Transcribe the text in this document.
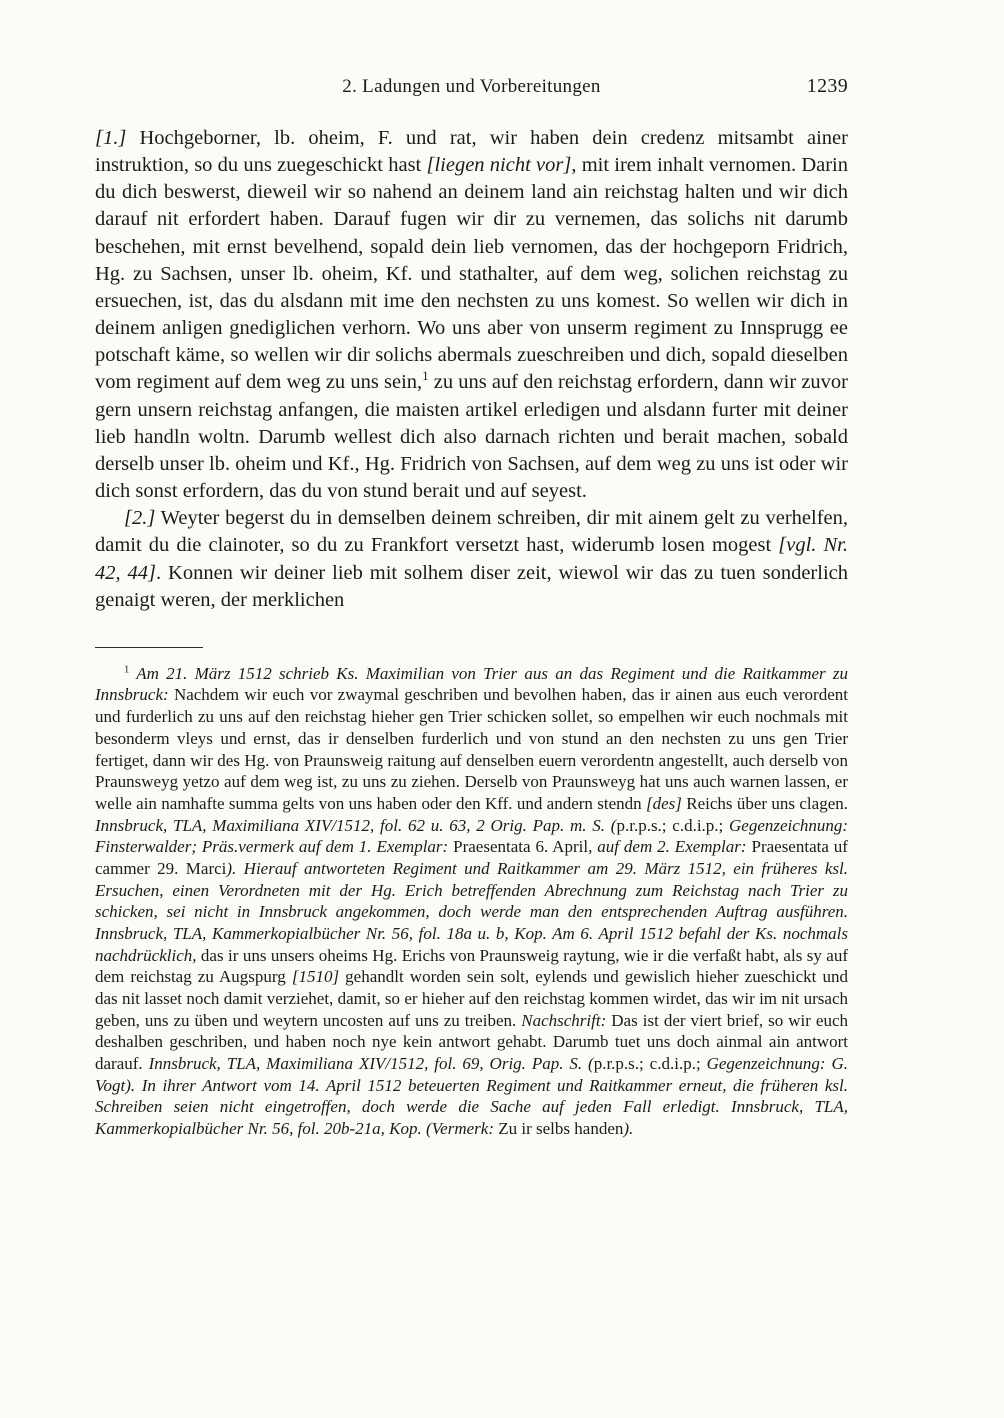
2. Ladungen und Vorbereitungen	1239

[1.] Hochgeborner, lb. oheim, F. und rat, wir haben dein credenz mitsambt ainer instruktion, so du uns zuegeschickt hast [liegen nicht vor], mit irem inhalt vernomen. Darin du dich beswerst, dieweil wir so nahend an deinem land ain reichstag halten und wir dich darauf nit erfordert haben. Darauf fugen wir dir zu vernemen, das solichs nit darumb beschehen, mit ernst bevelhend, sopald dein lieb vernomen, das der hochgeporn Fridrich, Hg. zu Sachsen, unser lb. oheim, Kf. und stathalter, auf dem weg, solichen reichstag zu ersuechen, ist, das du alsdann mit ime den nechsten zu uns komest. So wellen wir dich in deinem anligen gnediglichen verhorn. Wo uns aber von unserm regiment zu Innsprugg ee potschaft käme, so wellen wir dir solichs abermals zueschreiben und dich, sopald dieselben vom regiment auf dem weg zu uns sein,$^1$ zu uns auf den reichstag erfordern, dann wir zuvor gern unsern reichstag anfangen, die maisten artikel erledigen und alsdann furter mit deiner lieb handln woltn. Darumb wellest dich also darnach richten und berait machen, sobald derselb unser lb. oheim und Kf., Hg. Fridrich von Sachsen, auf dem weg zu uns ist oder wir dich sonst erfordern, das du von stund berait und auf seyest.

[2.] Weyter begerst du in demselben deinem schreiben, dir mit ainem gelt zu verhelfen, damit du die clainoter, so du zu Frankfort versetzt hast, widerumb losen mogest [vgl. Nr. 42, 44]. Konnen wir deiner lieb mit solhem diser zeit, wiewol wir das zu tuen sonderlich genaigt weren, der merklichen

$^1$ Am 21. März 1512 schrieb Ks. Maximilian von Trier aus an das Regiment und die Raitkammer zu Innsbruck: Nachdem wir euch vor zwaymal geschriben und bevolhen haben, das ir ainen aus euch verordent und furderlich zu uns auf den reichstag hieher gen Trier schicken sollet, so empelhen wir euch nochmals mit besonderm vleys und ernst, das ir denselben furderlich und von stund an den nechsten zu uns gen Trier fertiget, dann wir des Hg. von Praunsweig raitung auf denselben euern verordentn angestellt, auch derselb von Praunsweyg yetzo auf dem weg ist, zu uns zu ziehen. Derselb von Praunsweyg hat uns auch warnen lassen, er welle ain namhafte summa gelts von uns haben oder den Kff. und andern stendn [des] Reichs über uns clagen. Innsbruck, TLA, Maximiliana XIV/1512, fol. 62 u. 63, 2 Orig. Pap. m. S. (p.r.p.s.; c.d.i.p.; Gegenzeichnung: Finsterwalder; Präs.vermerk auf dem 1. Exemplar: Praesentata 6. April, auf dem 2. Exemplar: Praesentata uf cammer 29. Marci). Hierauf antworteten Regiment und Raitkammer am 29. März 1512, ein früheres ksl. Ersuchen, einen Verordneten mit der Hg. Erich betreffenden Abrechnung zum Reichstag nach Trier zu schicken, sei nicht in Innsbruck angekommen, doch werde man den entsprechenden Auftrag ausführen. Innsbruck, TLA, Kammerkopialbücher Nr. 56, fol. 18a u. b, Kop. Am 6. April 1512 befahl der Ks. nochmals nachdrücklich, das ir uns unsers oheims Hg. Erichs von Praunsweig raytung, wie ir die verfaßt habt, als sy auf dem reichstag zu Augspurg [1510] gehandlt worden sein solt, eylends und gewislich hieher zueschickt und das nit lasset noch damit verziehet, damit, so er hieher auf den reichstag kommen wirdet, das wir im nit ursach geben, uns zu üben und weytern uncosten auf uns zu treiben. Nachschrift: Das ist der viert brief, so wir euch deshalben geschriben, und haben noch nye kein antwort gehabt. Darumb tuet uns doch ainmal ain antwort darauf. Innsbruck, TLA, Maximiliana XIV/1512, fol. 69, Orig. Pap. S. (p.r.p.s.; c.d.i.p.; Gegenzeichnung: G. Vogt). In ihrer Antwort vom 14. April 1512 beteuerten Regiment und Raitkammer erneut, die früheren ksl. Schreiben seien nicht eingetroffen, doch werde die Sache auf jeden Fall erledigt. Innsbruck, TLA, Kammerkopialbücher Nr. 56, fol. 20b-21a, Kop. (Vermerk: Zu ir selbs handen).
